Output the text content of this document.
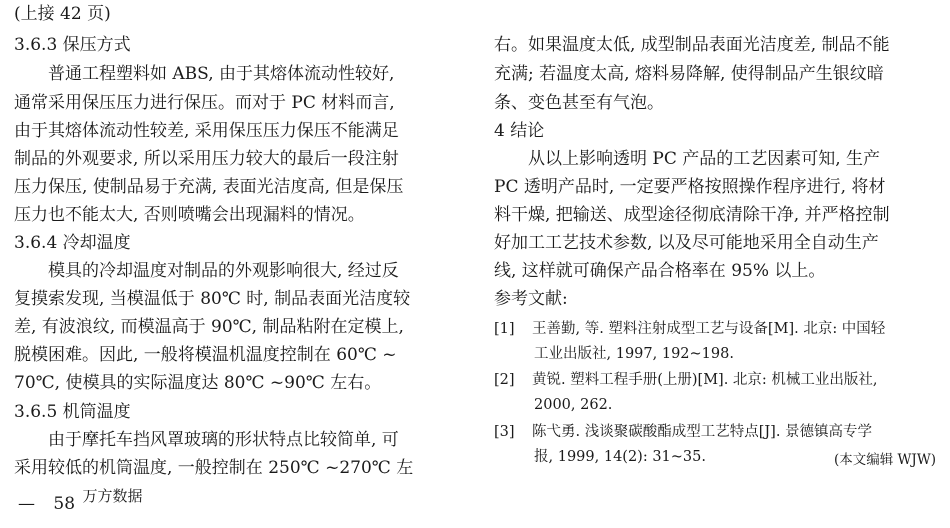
(上接 42 页)
3.6.3 保压方式
普通工程塑料如 ABS, 由于其熔体流动性较好,
通常采用保压压力进行保压。而对于 PC 材料而言,
由于其熔体流动性较差, 采用保压压力保压不能满足
制品的外观要求, 所以采用压力较大的最后一段注射
压力保压, 使制品易于充满, 表面光洁度高, 但是保压
压力也不能太大, 否则喷嘴会出现漏料的情况。
3.6.4 冷却温度
模具的冷却温度对制品的外观影响很大, 经过反
复摸索发现, 当模温低于 80℃ 时, 制品表面光洁度较
差, 有波浪纹, 而模温高于 90℃, 制品粘附在定模上,
脱模困难。因此, 一般将模温机温度控制在 60℃ ~
70℃, 使模具的实际温度达 80℃ ~90℃ 左右。
3.6.5 机筒温度
由于摩托车挡风罩玻璃的形状特点比较简单, 可
采用较低的机筒温度, 一般控制在 250℃ ~270℃ 左
右。如果温度太低, 成型制品表面光洁度差, 制品不能
充满; 若温度太高, 熔料易降解, 使得制品产生银纹暗
条、变色甚至有气泡。
4 结论
从以上影响透明 PC 产品的工艺因素可知, 生产
PC 透明产品时, 一定要严格按照操作程序进行, 将材
料干燥, 把输送、成型途径彻底清除干净, 并严格控制
好加工工艺技术参数, 以及尽可能地采用全自动生产
线, 这样就可确保产品合格率在 95% 以上。
参考文献:
[1] 王善勤, 等. 塑料注射成型工艺与设备[M]. 北京: 中国轻
工业出版社, 1997, 192~198.
[2] 黄锐. 塑料工程手册(上册)[M]. 北京: 机械工业出版社,
2000, 262.
[3] 陈弋勇. 浅谈聚碳酸酯成型工艺特点[J]. 景德镇高专学
报, 1999, 14(2): 31~35.	(本文编辑 WJW)
— 58 万方数据
